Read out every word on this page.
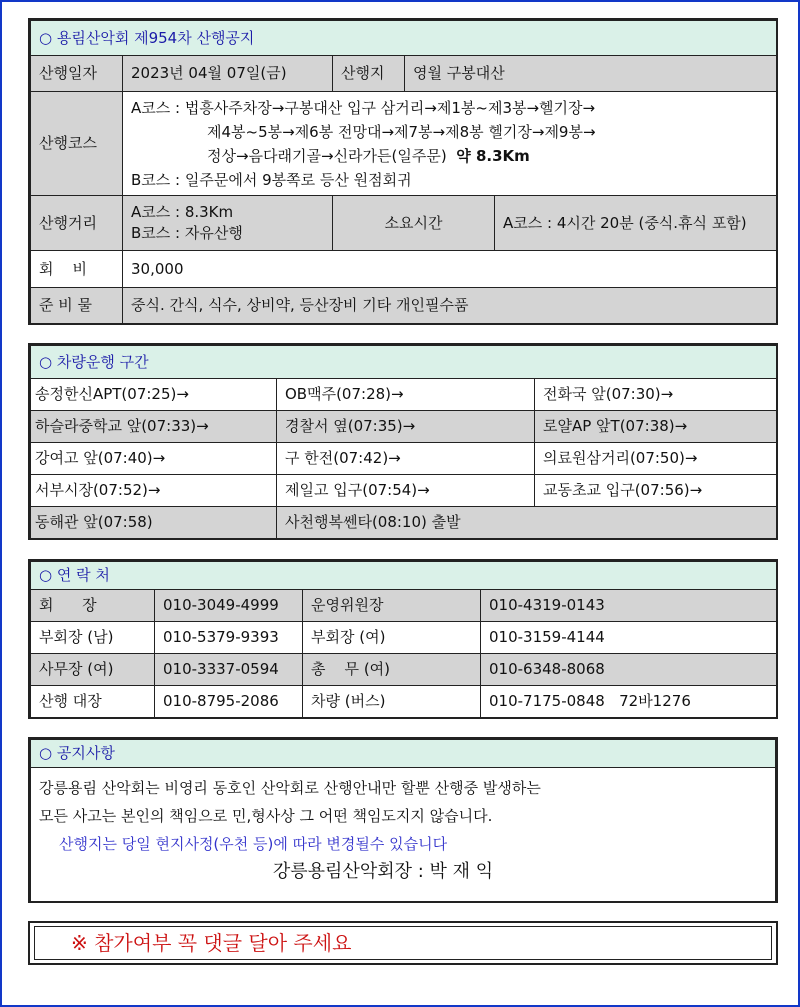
○ 용림산악회 제954차 산행공지				
산행일자	2023년 04월 07일(금)	산행지	영월 구봉대산	
산행코스	A코스 : 법흥사주차장→구봉대산 입구 삼거리→제1봉~제3봉→헬기장→
제4봉~5봉→제6봉 전망대→제7봉→제8봉 헬기장→제9봉→
정상→음다래기골→신라가든(일주문) 약 8.3Km
B코스 : 일주문에서 9봉쪽로 등산 원점회귀			

산행거리	A코스 : 8.3Km
B코스 : 자유산행	소요시간		A코스 : 4시간 20분 (중식.휴식 포함)
회    비	30,000			
준 비 물	중식. 간식, 식수, 상비약, 등산장비 기타 개인필수품			
○ 차량운행 구간		
송정한신APT(07:25)→	OB맥주(07:28)→	전화국 앞(07:30)→
하슬라중학교 앞(07:33)→	경찰서 옆(07:35)→	로얄AP 앞T(07:38)→
강여고 앞(07:40)→	구 한전(07:42)→	의료원삼거리(07:50)→
서부시장(07:52)→	제일고 입구(07:54)→	교동초교 입구(07:56)→
동해관 앞(07:58)	사천행복쎈타(08:10) 출발	
○ 연 락 처			
회      장	010-3049-4999	운영위원장	010-4319-0143
부회장 (남)	010-5379-9393	부회장 (여)	010-3159-4144
사무장 (여)	010-3337-0594	총    무 (여)	010-6348-8068
산행 대장	010-8795-2086	차량 (버스)	010-7175-0848   72바1276
○ 공지사항

강릉용림 산악회는 비영리 동호인 산악회로 산행안내만 할뿐 산행중 발생하는
모든 사고는 본인의 책임으로 민,형사상 그 어떤 책임도지지 않습니다.
산행지는 당일 현지사정(우천 등)에 따라 변경될수 있습니다
강릉용림산악회장 : 박 재 익
※ 참가여부 꼭 댓글 달아 주세요
